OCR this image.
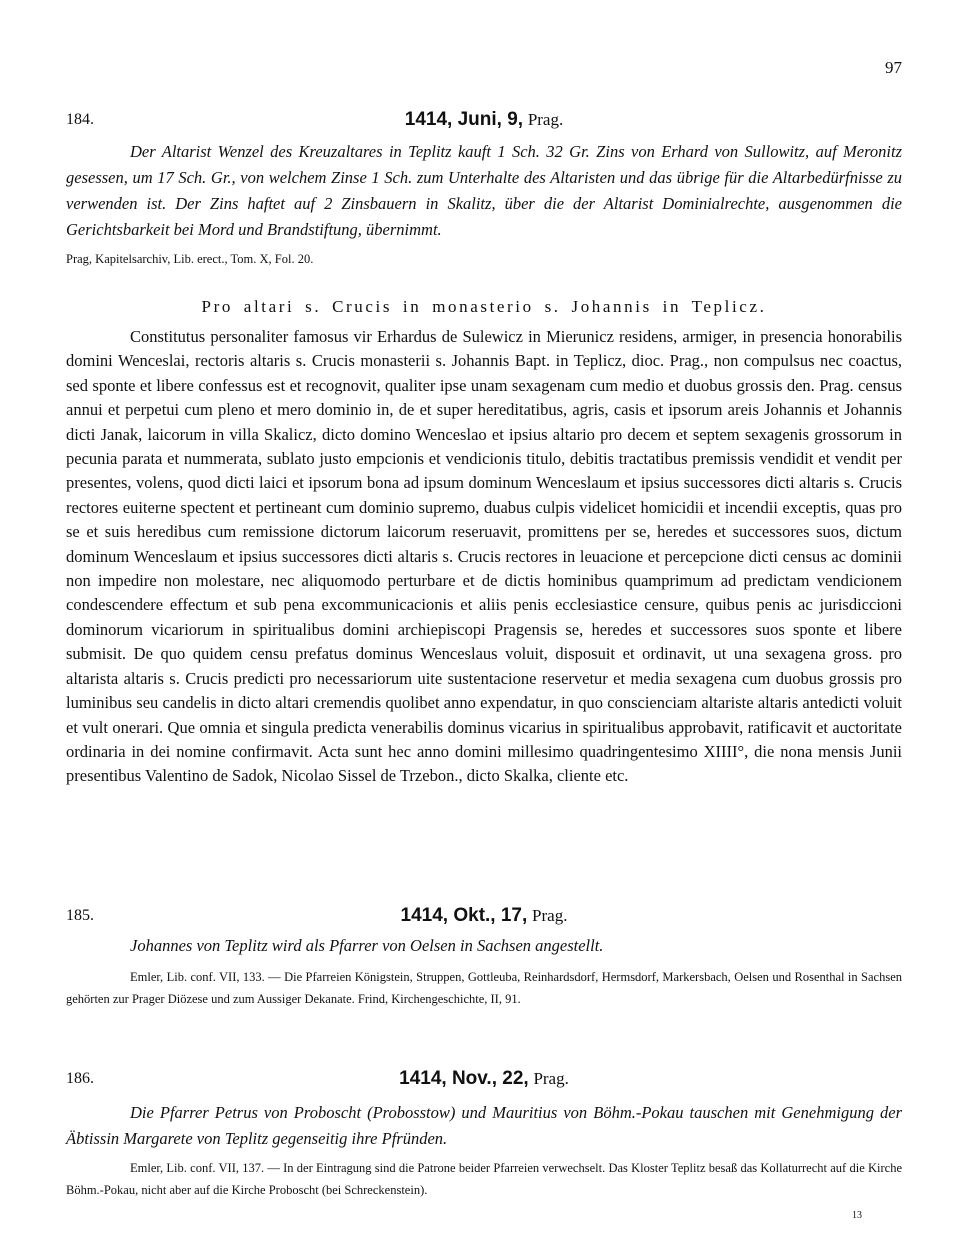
97
184.	1414, Juni, 9, Prag.

Der Altarist Wenzel des Kreuzaltares in Teplitz kauft 1 Sch. 32 Gr. Zins von Erhard von Sullowitz, auf Meronitz gesessen, um 17 Sch. Gr., von welchem Zinse 1 Sch. zum Unterhalte des Altaristen und das übrige für die Altarbedürfnisse zu verwenden ist. Der Zins haftet auf 2 Zinsbauern in Skalitz, über die der Altarist Dominialrechte, ausgenommen die Gerichtsbarkeit bei Mord und Brandstiftung, übernimmt.

Prag, Kapitelsarchiv, Lib. erect., Tom. X, Fol. 20.

Pro altari s. Crucis in monasterio s. Johannis in Teplicz.

Constitutus personaliter famosus vir Erhardus de Sulewicz in Mierunicz residens, armiger, in presencia honorabilis domini Wenceslai, rectoris altaris s. Crucis monasterii s. Johannis Bapt. in Teplicz, dioc. Prag., non compulsus nec coactus, sed sponte et libere confessus est et recognovit, qualiter ipse unam sexagenam cum medio et duobus grossis den. Prag. census annui et perpetui cum pleno et mero dominio in, de et super hereditatibus, agris, casis et ipsorum areis Johannis et Johannis dicti Janak, laicorum in villa Skalicz, dicto domino Wenceslao et ipsius altario pro decem et septem sexagenis grossorum in pecunia parata et nummerata, sublato justo empcionis et vendicionis titulo, debitis tractatibus premissis vendidit et vendit per presentes, volens, quod dicti laici et ipsorum bona ad ipsum dominum Wenceslaum et ipsius successores dicti altaris s. Crucis rectores euiterne spectent et pertineant cum dominio supremo, duabus culpis videlicet homicidii et incendii exceptis, quas pro se et suis heredibus cum remissione dictorum laicorum reseruavit, promittens per se, heredes et successores suos, dictum dominum Wenceslaum et ipsius successores dicti altaris s. Crucis rectores in leuacione et percepcione dicti census ac dominii non impedire non molestare, nec aliquomodo perturbare et de dictis hominibus quamprimum ad predictam vendicionem condescendere effectum et sub pena excommunicacionis et aliis penis ecclesiastice censure, quibus penis ac jurisdiccioni dominorum vicariorum in spiritualibus domini archiepiscopi Pragensis se, heredes et successores suos sponte et libere submisit. De quo quidem censu prefatus dominus Wenceslaus voluit, disposuit et ordinavit, ut una sexagena gross. pro altarista altaris s. Crucis predicti pro necessariorum uite sustentacione reservetur et media sexagena cum duobus grossis pro luminibus seu candelis in dicto altari cremendis quolibet anno expendatur, in quo conscienciam altariste altaris antedicti voluit et vult onerari. Que omnia et singula predicta venerabilis dominus vicarius in spiritualibus approbavit, ratificavit et auctoritate ordinaria in dei nomine confirmavit. Acta sunt hec anno domini millesimo quadringentesimo XIIII°, die nona mensis Junii presentibus Valentino de Sadok, Nicolao Sissel de Trzebon., dicto Skalka, cliente etc.

185.	1414, Okt., 17, Prag.

Johannes von Teplitz wird als Pfarrer von Oelsen in Sachsen angestellt.

Emler, Lib. conf. VII, 133. — Die Pfarreien Königstein, Struppen, Gottleuba, Reinhardsdorf, Hermsdorf, Markersbach, Oelsen und Rosenthal in Sachsen gehörten zur Prager Diözese und zum Aussiger Dekanate. Frind, Kirchengeschichte, II, 91.

186.	1414, Nov., 22, Prag.

Die Pfarrer Petrus von Proboscht (Probosstow) und Mauritius von Böhm.-Pokau tauschen mit Genehmigung der Äbtissin Margarete von Teplitz gegenseitig ihre Pfründen.

Emler, Lib. conf. VII, 137. — In der Eintragung sind die Patrone beider Pfarreien verwechselt. Das Kloster Teplitz besaß das Kollaturrecht auf die Kirche Böhm.-Pokau, nicht aber auf die Kirche Proboscht (bei Schreckenstein).

13
